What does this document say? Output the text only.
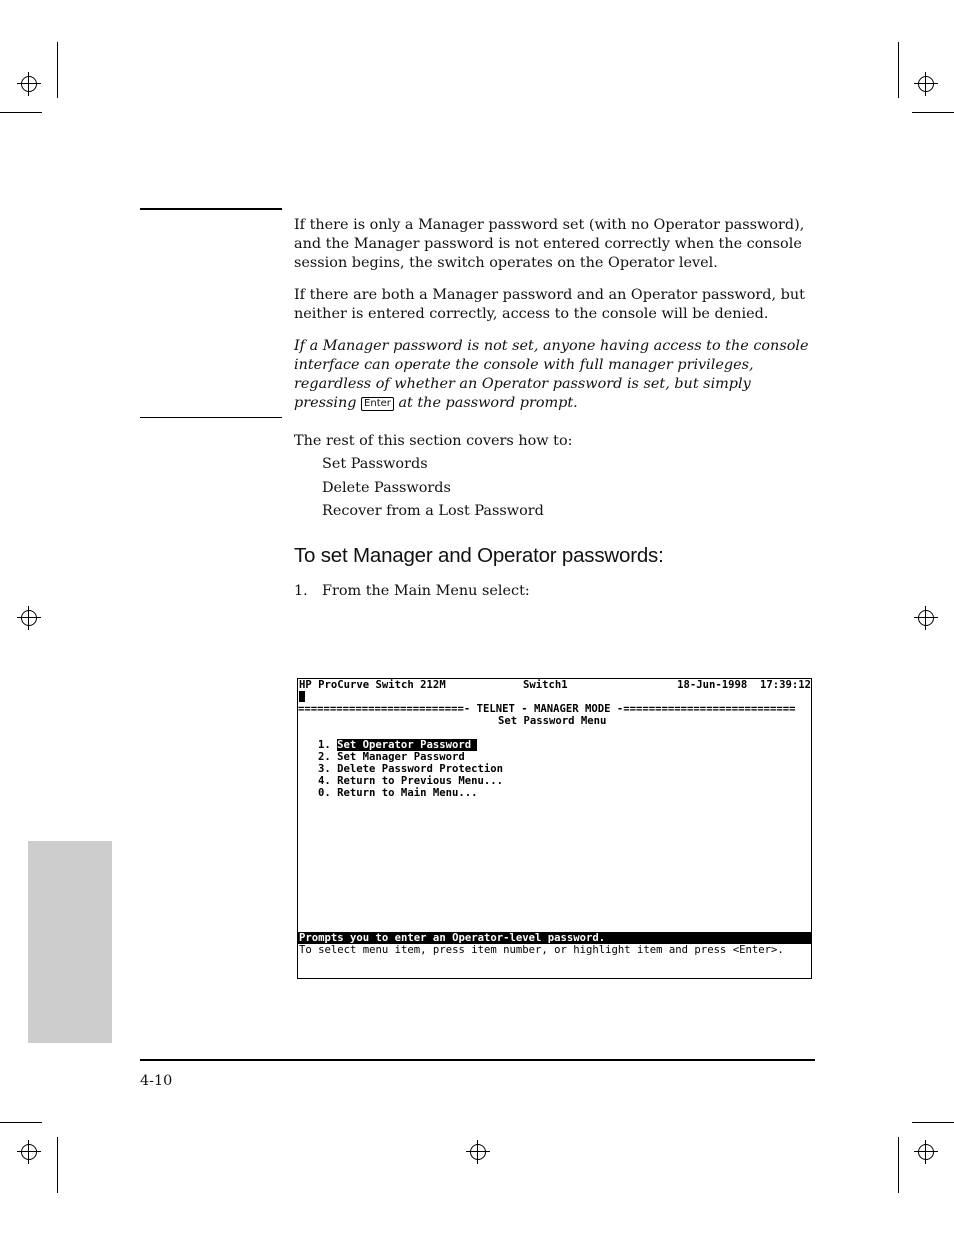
If there is only a Manager password set (with no Operator password), and the Manager password is not entered correctly when the console session begins, the switch operates on the Operator level.
If there are both a Manager password and an Operator password, but neither is entered correctly, access to the console will be denied.
If a Manager password is not set, anyone having access to the console interface can operate the console with full manager privileges, regardless of whether an Operator password is set, but simply pressing Enter at the password prompt.
The rest of this section covers how to:
Set Passwords
Delete Passwords
Recover from a Lost Password
To set Manager and Operator passwords:
1. From the Main Menu select:
HP ProCurve Switch 212M	Switch1	18-Jun-1998  17:39:12
==========================- TELNET - MANAGER MODE -===========================
Set Password Menu
1. Set Operator Password
2. Set Manager Password
3. Delete Password Protection
4. Return to Previous Menu...
0. Return to Main Menu...
Prompts you to enter an Operator-level password.
To select menu item, press item number, or highlight item and press <Enter>.
4-10
